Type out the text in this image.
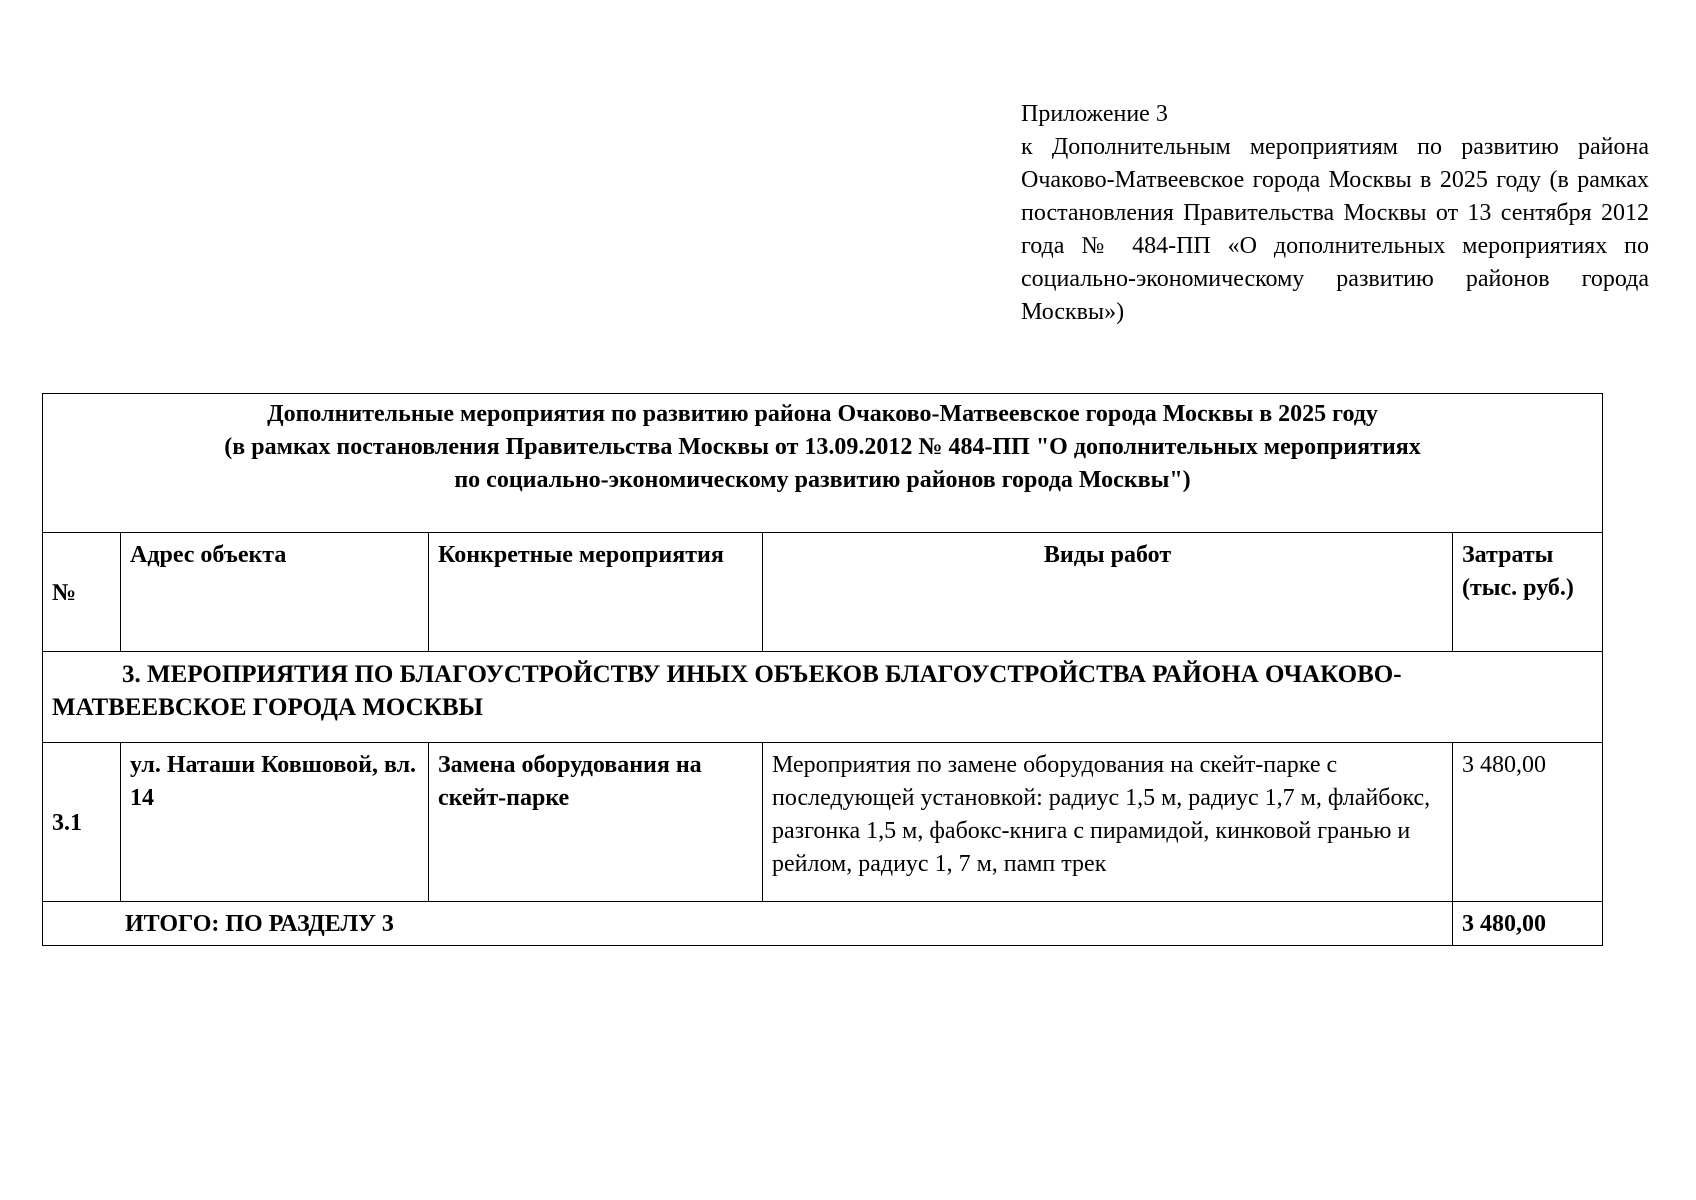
Приложение 3
к Дополнительным мероприятиям по развитию района Очаково-Матвеевское города Москвы в 2025 году (в рамках постановления Правительства Москвы от 13 сентября 2012 года № 484-ПП «О дополнительных мероприятиях по социально-экономическому развитию районов города Москвы»)
Дополнительные мероприятия по развитию района Очаково-Матвеевское города Москвы в 2025 году
(в рамках постановления Правительства Москвы от 13.09.2012 № 484-ПП "О дополнительных мероприятиях
по социально-экономическому развитию районов города Москвы")				

№	Адрес объекта	Конкретные мероприятия	Виды работ	Затраты (тыс. руб.)
3. МЕРОПРИЯТИЯ ПО БЛАГОУСТРОЙСТВУ ИНЫХ ОБЪЕКОВ БЛАГОУСТРОЙСТВА РАЙОНА ОЧАКОВО-МАТВЕЕВСКОЕ ГОРОДА МОСКВЫ				
3.1	ул. Наташи Ковшовой, вл. 14	Замена оборудования на скейт-парке	Мероприятия по замене оборудования на скейт-парке с последующей установкой: радиус 1,5 м, радиус 1,7 м, флайбокс, разгонка 1,5 м, фабокс-книга с пирамидой, кинковой гранью и рейлом, радиус 1, 7 м, памп трек	3 480,00
ИТОГО: ПО РАЗДЕЛУ 3				3 480,00
